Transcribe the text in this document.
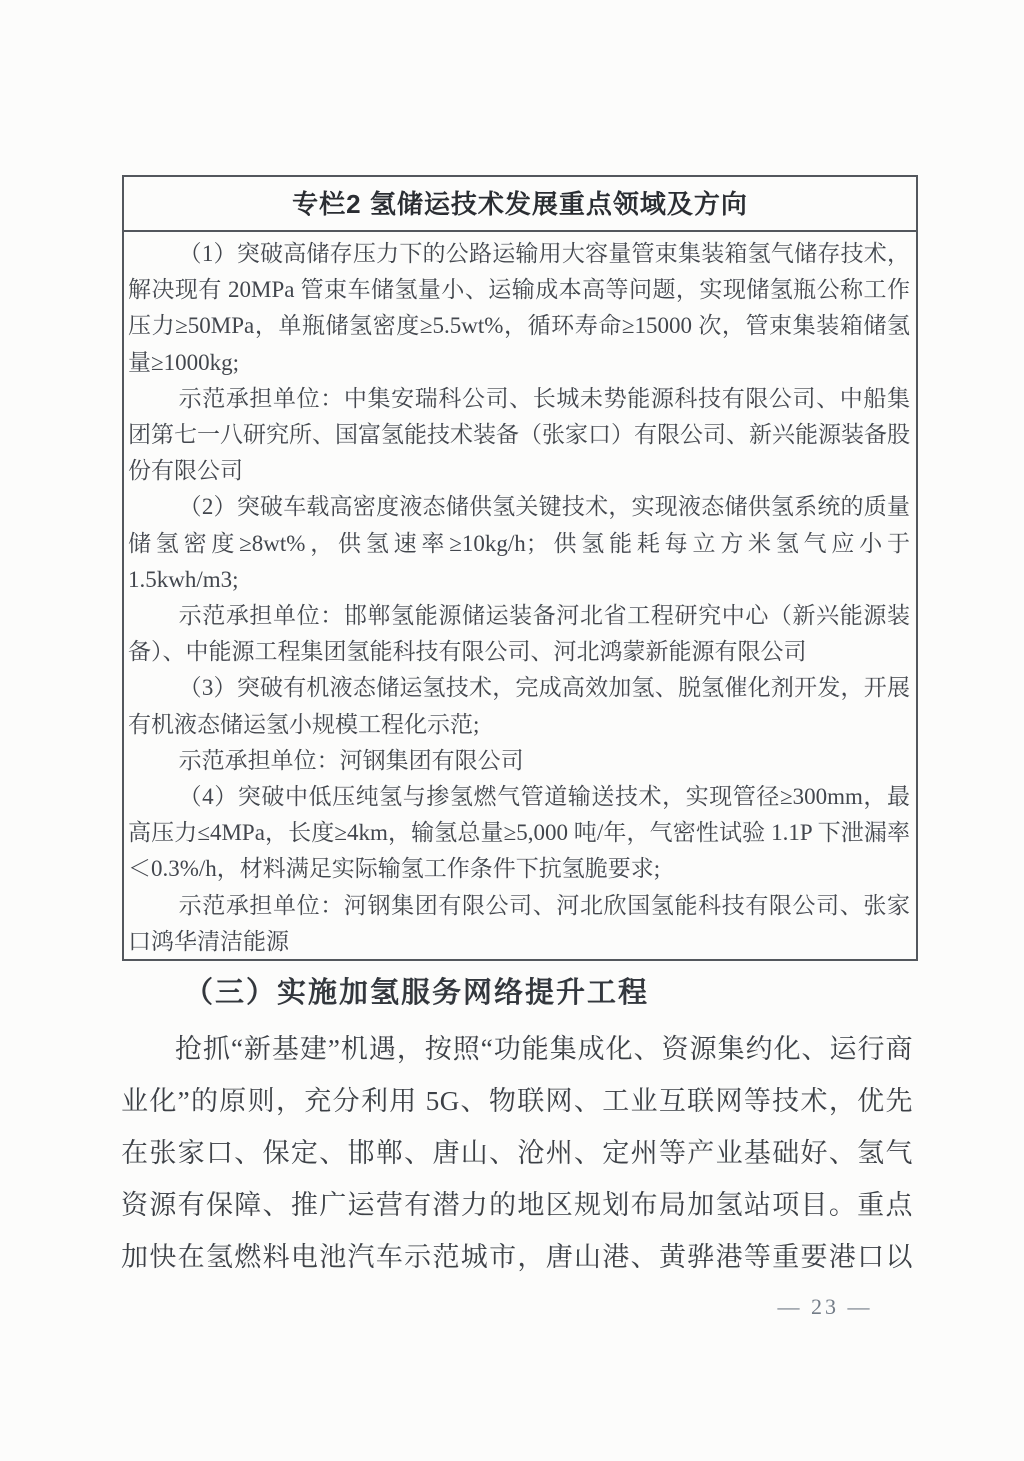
专栏2 氢储运技术发展重点领域及方向

（1）突破高储存压力下的公路运输用大容量管束集装箱氢气储存技术，解决现有 20MPa 管束车储氢量小、运输成本高等问题，实现储氢瓶公称工作压力≥50MPa，单瓶储氢密度≥5.5wt%，循环寿命≥15000 次，管束集装箱储氢量≥1000kg;

示范承担单位：中集安瑞科公司、长城未势能源科技有限公司、中船集团第七一八研究所、国富氢能技术装备（张家口）有限公司、新兴能源装备股份有限公司

（2）突破车载高密度液态储供氢关键技术，实现液态储供氢系统的质量储氢密度≥8wt%，供氢速率≥10kg/h；供氢能耗每立方米氢气应小于1.5kwh/m3;

示范承担单位：邯郸氢能源储运装备河北省工程研究中心（新兴能源装备）、中能源工程集团氢能科技有限公司、河北鸿蒙新能源有限公司

（3）突破有机液态储运氢技术，完成高效加氢、脱氢催化剂开发，开展有机液态储运氢小规模工程化示范;

示范承担单位：河钢集团有限公司

（4）突破中低压纯氢与掺氢燃气管道输送技术，实现管径≥300mm，最高压力≤4MPa，长度≥4km，输氢总量≥5,000 吨/年，气密性试验 1.1P 下泄漏率＜0.3%/h，材料满足实际输氢工作条件下抗氢脆要求;

示范承担单位：河钢集团有限公司、河北欣国氢能科技有限公司、张家口鸿华清洁能源

（三）实施加氢服务网络提升工程

抢抓“新基建”机遇，按照“功能集成化、资源集约化、运行商业化”的原则，充分利用 5G、物联网、工业互联网等技术，优先在张家口、保定、邯郸、唐山、沧州、定州等产业基础好、氢气资源有保障、推广运营有潜力的地区规划布局加氢站项目。重点加快在氢燃料电池汽车示范城市，唐山港、黄骅港等重要港口以

— 23 —
